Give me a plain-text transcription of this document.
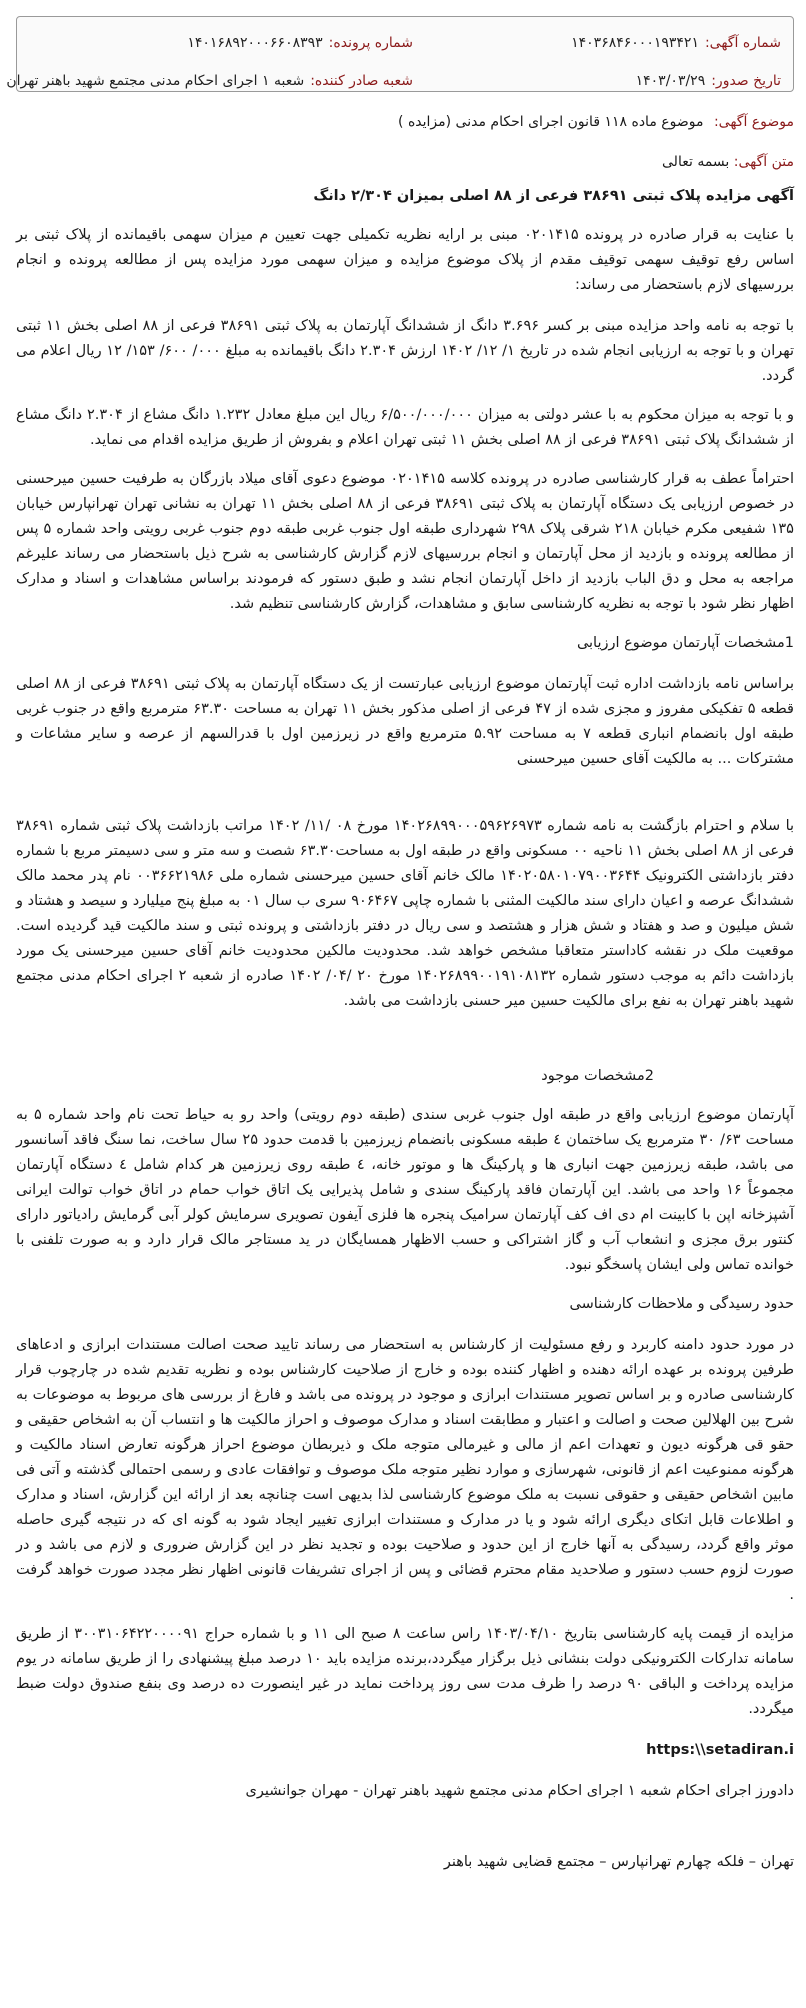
شماره آگهی:
۱۴۰۳۶۸۴۶۰۰۰۱۹۳۴۲۱
شماره پرونده:
۱۴۰۱۶۸۹۲۰۰۰۶۶۰۸۳۹۳
تاریخ صدور:
۱۴۰۳/۰۳/۲۹
شعبه صادر کننده:
شعبه ۱ اجرای احکام مدنی مجتمع شهید باهنر تهران
موضوع آگهی: موضوع ماده ۱۱۸ قانون اجرای احکام مدنی (مزایده )
متن آگهی: بسمه تعالی

آگهی مزایده پلاک ثبتی ۳۸۶۹۱ فرعی از ۸۸ اصلی بمیزان ۲/۳۰۴ دانگ

با عنایت به قرار صادره در پرونده ۰۲۰۱۴۱۵ مبنی بر ارایه نظریه تکمیلی جهت تعیین م میزان سهمی باقیمانده از پلاک ثبتی بر اساس رفع توقیف سهمی توقیف مقدم از پلاک موضوع مزایده و میزان سهمی مورد مزایده پس از مطالعه پرونده و انجام بررسیهای لازم باستحضار می رساند:

با توجه به نامه واحد مزایده مبنی بر کسر ۳.۶۹۶ دانگ از ششدانگ آپارتمان به پلاک ثبتی ۳۸۶۹۱ فرعی از ۸۸ اصلی بخش ۱۱ ثبتی تهران و با توجه به ارزیابی انجام شده در تاریخ ۱/ ۱۲/ ۱۴۰۲ ارزش ۲.۳۰۴ دانگ باقیمانده به مبلغ ۰۰۰/ ۶۰۰/ ۱۵۳/ ۱۲ ریال اعلام می گردد.

و با توجه به میزان محکوم به با عشر دولتی به میزان ۶/۵۰۰/۰۰۰/۰۰۰ ریال این مبلغ معادل ۱.۲۳۲ دانگ مشاع از ۲.۳۰۴ دانگ مشاع از ششدانگ پلاک ثبتی ۳۸۶۹۱ فرعی از ۸۸ اصلی بخش ۱۱ ثبتی تهران اعلام و بفروش از طریق مزایده اقدام می نماید.

احتراماً عطف به قرار کارشناسی صادره در پرونده کلاسه ۰۲۰۱۴۱۵ موضوع دعوی آقای میلاد بازرگان به طرفیت حسین میرحسنی در خصوص ارزیابی یک دستگاه آپارتمان به پلاک ثبتی ۳۸۶۹۱ فرعی از ۸۸ اصلی بخش ۱۱ تهران به نشانی تهران تهرانپارس خیابان ۱۳۵ شفیعی مکرم خیابان ۲۱۸ شرقی پلاک ۲۹۸ شهرداری طبقه اول جنوب غربی طبقه دوم جنوب غربی رویتی واحد شماره ۵ پس از مطالعه پرونده و بازدید از محل آپارتمان و انجام بررسیهای لازم گزارش کارشناسی به شرح ذیل باستحضار می رساند علیرغم مراجعه به محل و دق الباب بازدید از داخل آپارتمان انجام نشد و طبق دستور که فرمودند براساس مشاهدات و اسناد و مدارک اظهار نظر شود با توجه به نظریه کارشناسی سابق و مشاهدات، گزارش کارشناسی تنظیم شد.

1مشخصات آپارتمان موضوع ارزیابی

براساس نامه بازداشت اداره ثبت آپارتمان موضوع ارزیابی عبارتست از یک دستگاه آپارتمان به پلاک ثبتی ۳۸۶۹۱ فرعی از ۸۸ اصلی قطعه ۵ تفکیکی مفروز و مجزی شده از ۴۷ فرعی از اصلی مذکور بخش ۱۱ تهران به مساحت ۶۳.۳۰ مترمربع واقع در جنوب غربی طبقه اول بانضمام انباری قطعه ۷ به مساحت ۵.۹۲ مترمربع واقع در زیرزمین اول با قدرالسهم از عرصه و سایر مشاعات و مشترکات ... به مالکیت آقای حسین میرحسنی

با سلام و احترام بازگشت به نامه شماره ۱۴۰۲۶۸۹۹۰۰۰۵۹۶۲۶۹۷۳ مورخ ۰۸ /۱۱/ ۱۴۰۲ مراتب بازداشت پلاک ثبتی شماره ۳۸۶۹۱ فرعی از ۸۸ اصلی بخش ۱۱ ناحیه ۰۰ مسکونی واقع در طبقه اول به مساحت۶۳.۳۰ شصت و سه متر و سی دسیمتر مربع با شماره دفتر بازداشتی الکترونیک ۱۴۰۲۰۵۸۰۱۰۷۹۰۰۳۶۴۴ مالک خانم آقای حسین میرحسنی شماره ملی ۰۰۳۶۶۲۱۹۸۶ نام پدر محمد مالک ششدانگ عرصه و اعیان دارای سند مالکیت المثنی با شماره چاپی ۹۰۶۴۶۷ سری ب سال ۰۱ به مبلغ پنج میلیارد و سیصد و هشتاد و شش میلیون و صد و هفتاد و شش هزار و هشتصد و سی ریال در دفتر بازداشتی و پرونده ثبتی و سند مالکیت قید گردیده است. موقعیت ملک در نقشه کاداستر متعاقبا مشخص خواهد شد. محدودیت مالکین محدودیت خانم آقای حسین میرحسنی یک مورد بازداشت دائم به موجب دستور شماره ۱۴۰۲۶۸۹۹۰۰۱۹۱۰۸۱۳۲ مورخ ۲۰ /۰۴/ ۱۴۰۲ صادره از شعبه ۲ اجرای احکام مدنی مجتمع شهید باهنر تهران به نفع برای مالکیت حسین میر حسنی بازداشت می باشد.

2مشخصات موجود

آپارتمان موضوع ارزیابی واقع در طبقه اول جنوب غربی سندی (طبقه دوم رویتی) واحد رو به حیاط تحت نام واحد شماره ۵ به مساحت ۶۳/ ۳۰ مترمربع یک ساختمان ٤ طبقه مسکونی بانضمام زیرزمین با قدمت حدود ۲۵ سال ساخت، نما سنگ فاقد آسانسور می باشد، طبقه زیرزمین جهت انباری ها و پارکینگ ها و موتور خانه، ٤ طبقه روی زیرزمین هر کدام شامل ٤ دستگاه آپارتمان مجموعاً ۱۶ واحد می باشد. این آپارتمان فاقد پارکینگ سندی و شامل پذیرایی یک اتاق خواب حمام در اتاق خواب توالت ایرانی آشپزخانه اپن با کابینت ام دی اف کف آپارتمان سرامیک پنجره ها فلزی آیفون تصویری سرمایش کولر آبی گرمایش رادیاتور دارای کنتور برق مجزی و انشعاب آب و گاز اشتراکی و حسب الاظهار همسایگان در ید مستاجر مالک قرار دارد و به صورت تلفنی با خوانده تماس ولی ایشان پاسخگو نبود.

حدود رسیدگی و ملاحظات کارشناسی

در مورد حدود دامنه کاربرد و رفع مسئولیت از کارشناس به استحضار می رساند تایید صحت اصالت مستندات ابرازی و ادعاهای طرفین پرونده بر عهده ارائه دهنده و اظهار کننده بوده و خارج از صلاحیت کارشناس بوده و نظریه تقدیم شده در چارچوب قرار کارشناسی صادره و بر اساس تصویر مستندات ابرازی و موجود در پرونده می باشد و فارغ از بررسی های مربوط به موضوعات به شرح بین الهلالین صحت و اصالت و اعتبار و مطابقت اسناد و مدارک موصوف و احراز مالکیت ها و انتساب آن به اشخاص حقیقی و حقو قی هرگونه دیون و تعهدات اعم از مالی و غیرمالی متوجه ملک و ذیربطان موضوع احراز هرگونه تعارض اسناد مالکیت و هرگونه ممنوعیت اعم از قانونی، شهرسازی و موارد نظیر متوجه ملک موصوف و توافقات عادی و رسمی احتمالی گذشته و آتی فی مابین اشخاص حقیقی و حقوقی نسبت به ملک موضوع کارشناسی لذا بدیهی است چنانچه بعد از ارائه این گزارش، اسناد و مدارک و اطلاعات قابل اتکای دیگری ارائه شود و یا در مدارک و مستندات ابرازی تغییر ایجاد شود به گونه ای که در نتیجه گیری حاصله موثر واقع گردد، رسیدگی به آنها خارج از این حدود و صلاحیت بوده و تجدید نظر در این گزارش ضروری و لازم می باشد و در صورت لزوم حسب دستور و صلاحدید مقام محترم قضائی و پس از اجرای تشریفات قانونی اظهار نظر مجدد صورت خواهد گرفت .

مزایده از قیمت پایه کارشناسی بتاریخ ۱۴۰۳/۰۴/۱۰ راس ساعت ۸ صبح الی ۱۱ و با شماره حراج ۳۰۰۳۱۰۶۴۲۲۰۰۰۰۹۱ از طریق سامانه تدارکات الکترونیکی دولت بنشانی ذیل برگزار میگردد،برنده مزایده باید ۱۰ درصد مبلغ پیشنهادی را از طریق سامانه در یوم مزایده پرداخت و الباقی ۹۰ درصد را ظرف مدت سی روز پرداخت نماید در غیر اینصورت ده درصد وی بنفع صندوق دولت ضبط میگردد.

https:\\setadiran.i

دادورز اجرای احکام شعبه ۱ اجرای احکام مدنی مجتمع شهید باهنر تهران - مهران جوانشیری

تهران – فلکه چهارم تهرانپارس – مجتمع قضایی شهید باهنر
